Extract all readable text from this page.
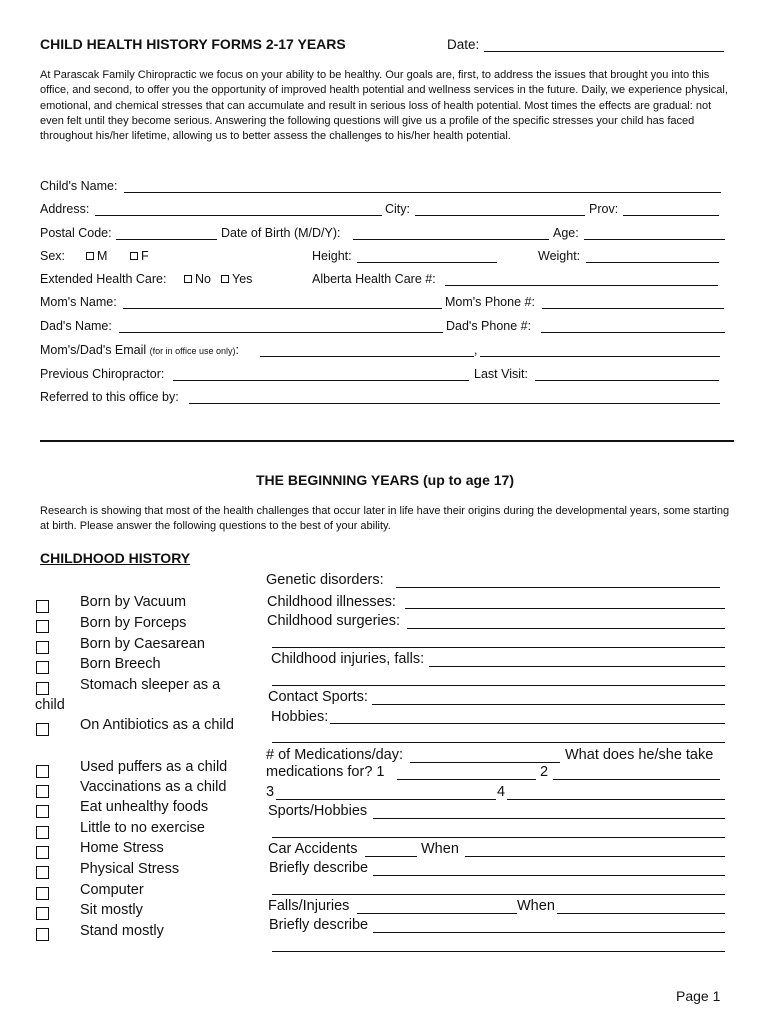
CHILD HEALTH HISTORY FORMS 2-17 YEARS	Date:
At Parascak Family Chiropractic we focus on your ability to be healthy. Our goals are, first, to address the issues that brought you into this office, and second, to offer you the opportunity of improved health potential and wellness services in the future. Daily, we experience physical, emotional, and chemical stresses that can accumulate and result in serious loss of health potential. Most times the effects are gradual: not even felt until they become serious. Answering the following questions will give us a profile of the specific stresses your child has faced throughout his/her lifetime, allowing us to better assess the challenges to his/her health potential.
Child's Name:
Address:	City:	Prov:
Postal Code:	Date of Birth (M/D/Y):	Age:
Sex:	M	F	Height:	Weight:
Extended Health Care: No Yes	Alberta Health Care #:
Mom's Name:	Mom's Phone #:
Dad's Name:	Dad's Phone #:
Mom's/Dad's Email (for in office use only):	,
Previous Chiropractor:	Last Visit:
Referred to this office by:
THE BEGINNING YEARS (up to age 17)
Research is showing that most of the health challenges that occur later in life have their origins during the developmental years, some starting at birth. Please answer the following questions to the best of your ability.
CHILDHOOD HISTORY
Born by Vacuum
Born by Forceps
Born by Caesarean
Born Breech
Stomach sleeper as a
child
On Antibiotics as a child
Used puffers as a child
Vaccinations as a child
Eat unhealthy foods
Little to no exercise
Home Stress
Physical Stress
Computer
Sit mostly
Stand mostly
Genetic disorders:
Childhood illnesses:
Childhood surgeries:
Childhood injuries, falls:
Contact Sports:
Hobbies:
# of Medications/day:	What does he/she take
medications for? 1	2
3	4
Sports/Hobbies
Car Accidents	When
Briefly describe
Falls/Injuries	When
Briefly describe
Page 1
